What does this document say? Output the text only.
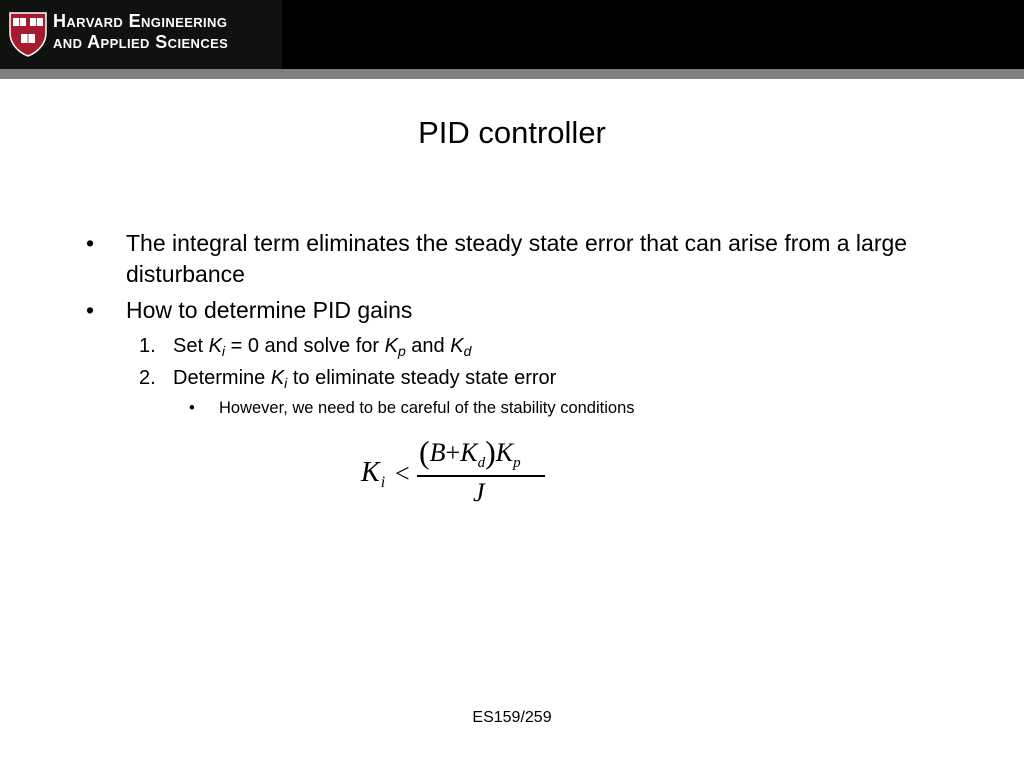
Harvard Engineering
and Applied Sciences
PID controller
• The integral term eliminates the steady state error that can arise from a large disturbance
• How to determine PID gains
1. Set $K_i = 0$ and solve for $K_p$ and $K_d$
2. Determine $K_i$ to eliminate steady state error
• However, we need to be careful of the stability conditions
$K_i$ <
$(B+K_d)K_p$
J
ES159/259
